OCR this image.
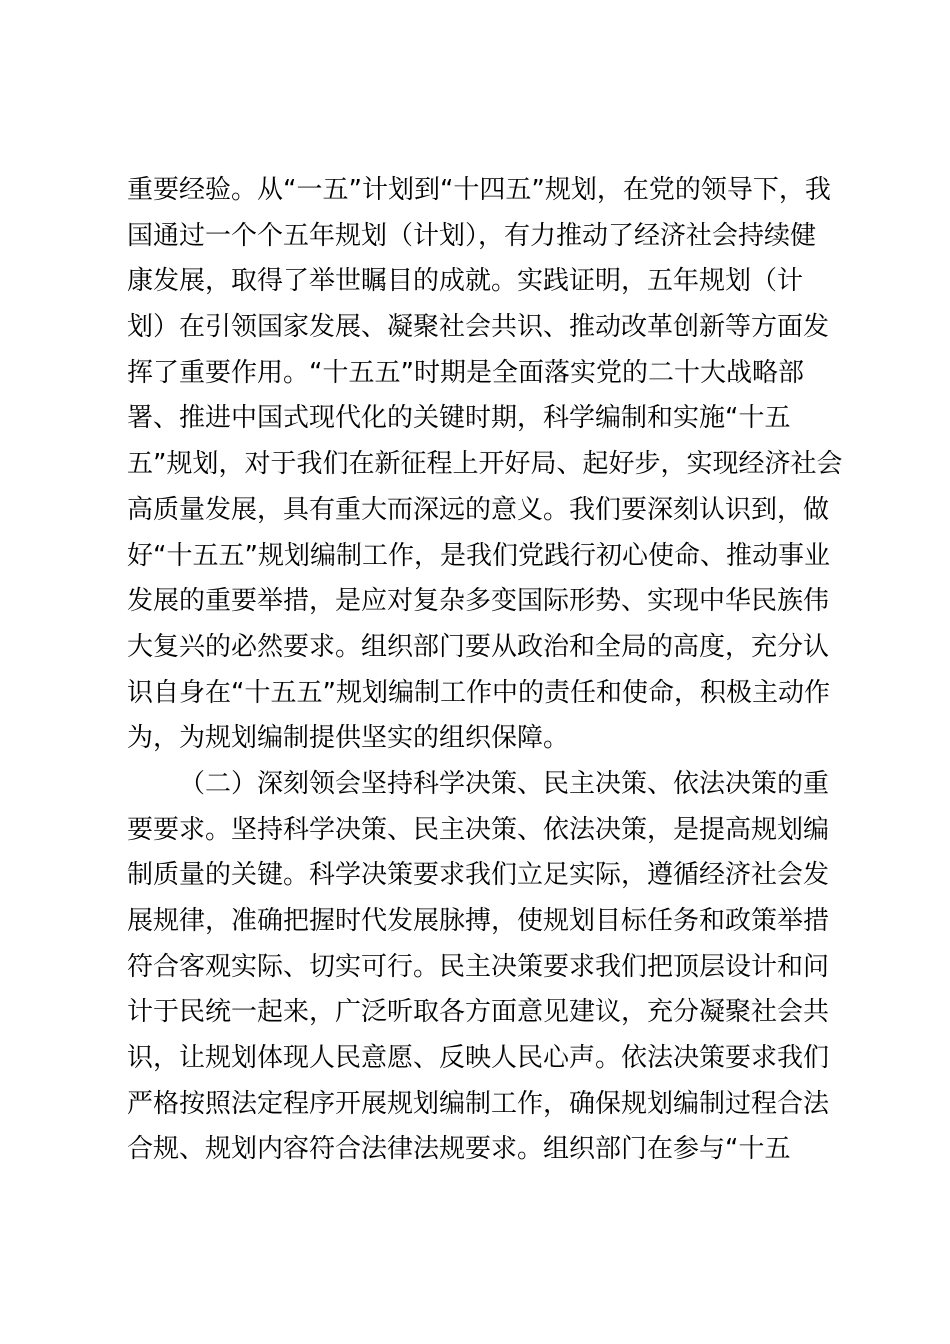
重要经验。从“一五”计划到“十四五”规划，在党的领导下，我
国通过一个个五年规划（计划），有力推动了经济社会持续健
康发展，取得了举世瞩目的成就。实践证明，五年规划（计
划）在引领国家发展、凝聚社会共识、推动改革创新等方面发
挥了重要作用。“十五五”时期是全面落实党的二十大战略部
署、推进中国式现代化的关键时期，科学编制和实施“十五
五”规划，对于我们在新征程上开好局、起好步，实现经济社会
高质量发展，具有重大而深远的意义。我们要深刻认识到，做
好“十五五”规划编制工作，是我们党践行初心使命、推动事业
发展的重要举措，是应对复杂多变国际形势、实现中华民族伟
大复兴的必然要求。组织部门要从政治和全局的高度，充分认
识自身在“十五五”规划编制工作中的责任和使命，积极主动作
为，为规划编制提供坚实的组织保障。
（二）深刻领会坚持科学决策、民主决策、依法决策的重
要要求。坚持科学决策、民主决策、依法决策，是提高规划编
制质量的关键。科学决策要求我们立足实际，遵循经济社会发
展规律，准确把握时代发展脉搏，使规划目标任务和政策举措
符合客观实际、切实可行。民主决策要求我们把顶层设计和问
计于民统一起来，广泛听取各方面意见建议，充分凝聚社会共
识，让规划体现人民意愿、反映人民心声。依法决策要求我们
严格按照法定程序开展规划编制工作，确保规划编制过程合法
合规、规划内容符合法律法规要求。组织部门在参与“十五
